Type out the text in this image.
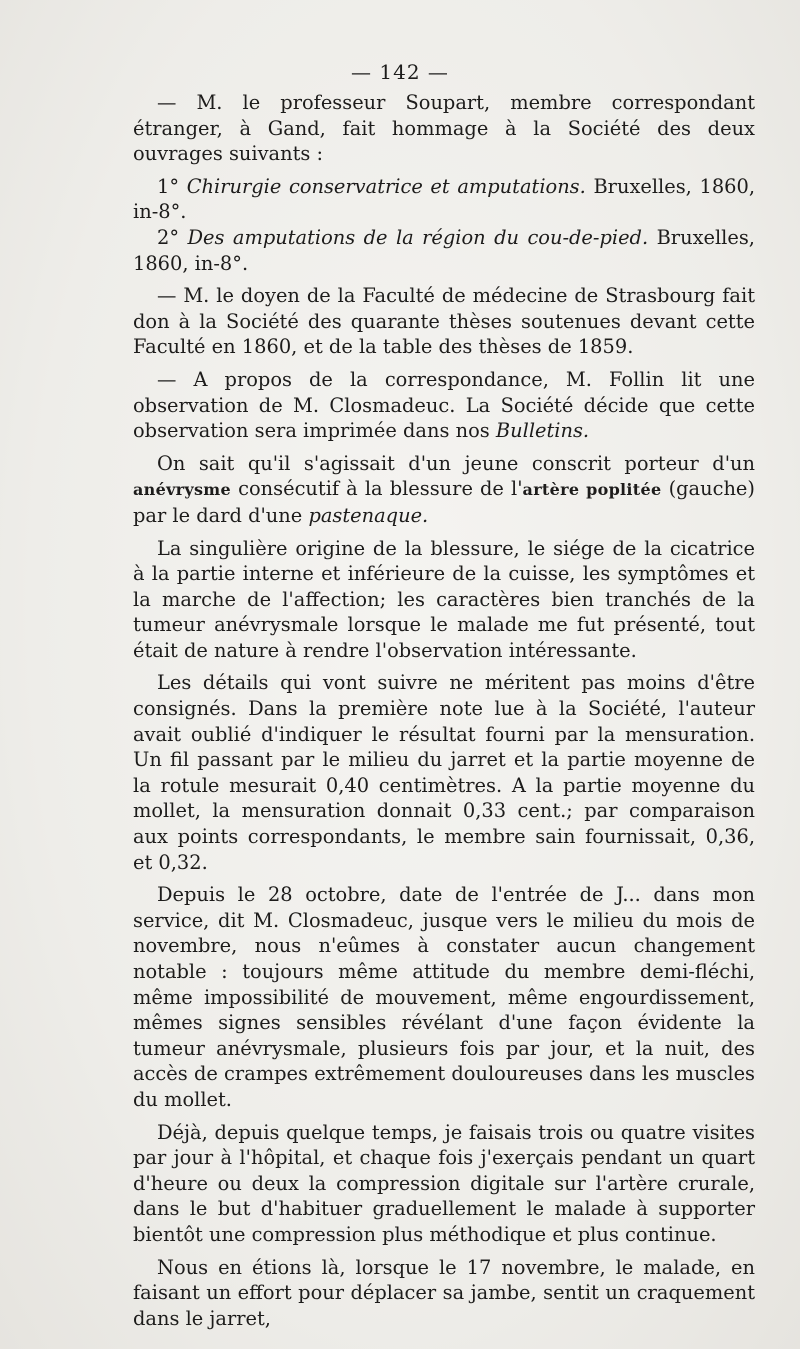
— 142 —

— M. le professeur Soupart, membre correspondant étranger, à Gand, fait hommage à la Société des deux ouvrages suivants :

1° Chirurgie conservatrice et amputations. Bruxelles, 1860, in-8°.

2° Des amputations de la région du cou-de-pied. Bruxelles, 1860, in-8°.

— M. le doyen de la Faculté de médecine de Strasbourg fait don à la Société des quarante thèses soutenues devant cette Faculté en 1860, et de la table des thèses de 1859.

— A propos de la correspondance, M. Follin lit une observation de M. Closmadeuc. La Société décide que cette observation sera imprimée dans nos Bulletins.

On sait qu'il s'agissait d'un jeune conscrit porteur d'un anévrysme consécutif à la blessure de l'artère poplitée (gauche) par le dard d'une pastenaque.

La singulière origine de la blessure, le siége de la cicatrice à la partie interne et inférieure de la cuisse, les symptômes et la marche de l'affection; les caractères bien tranchés de la tumeur anévrysmale lorsque le malade me fut présenté, tout était de nature à rendre l'observation intéressante.

Les détails qui vont suivre ne méritent pas moins d'être consignés. Dans la première note lue à la Société, l'auteur avait oublié d'indiquer le résultat fourni par la mensuration. Un fil passant par le milieu du jarret et la partie moyenne de la rotule mesurait 0,40 centimètres. A la partie moyenne du mollet, la mensuration donnait 0,33 cent.; par comparaison aux points correspondants, le membre sain fournissait, 0,36, et 0,32.

Depuis le 28 octobre, date de l'entrée de J... dans mon service, dit M. Closmadeuc, jusque vers le milieu du mois de novembre, nous n'eûmes à constater aucun changement notable : toujours même attitude du membre demi-fléchi, même impossibilité de mouvement, même engourdissement, mêmes signes sensibles révélant d'une façon évidente la tumeur anévrysmale, plusieurs fois par jour, et la nuit, des accès de crampes extrêmement douloureuses dans les muscles du mollet.

Déjà, depuis quelque temps, je faisais trois ou quatre visites par jour à l'hôpital, et chaque fois j'exerçais pendant un quart d'heure ou deux la compression digitale sur l'artère crurale, dans le but d'habituer graduellement le malade à supporter bientôt une compression plus méthodique et plus continue.

Nous en étions là, lorsque le 17 novembre, le malade, en faisant un effort pour déplacer sa jambe, sentit un craquement dans le jarret,
